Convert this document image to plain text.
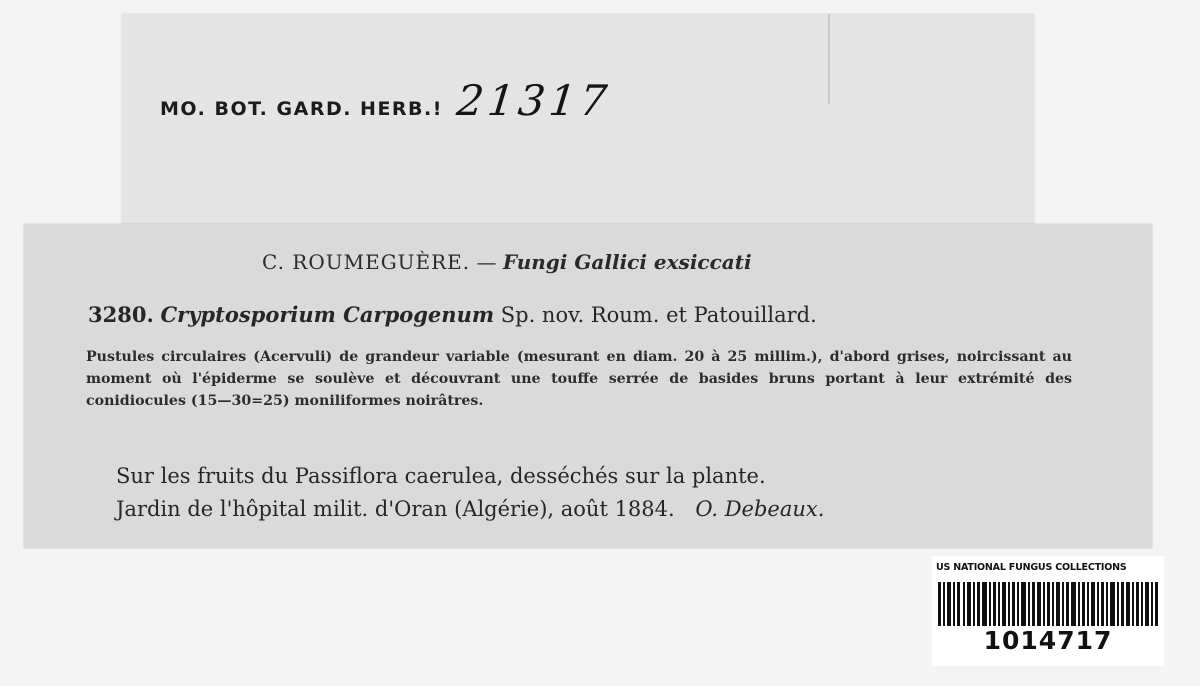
MO. BOT. GARD. HERB.! 21317
C. ROUMEGUÈRE. — Fungi Gallici exsiccati
3280. Cryptosporium Carpogenum Sp. nov. Roum. et Patouillard.
Pustules circulaires (Acervuli) de grandeur variable (mesurant en diam. 20 à 25 millim.), d'abord grises, noircissant au moment où l'épiderme se soulève et découvrant une touffe serrée de basides bruns portant à leur extrémité des conidiocules (15—30=25) moniliformes noirâtres.
Sur les fruits du Passiflora caerulea, desséchés sur la plante.
Jardin de l'hôpital milit. d'Oran (Algérie), août 1884. O. Debeaux.
US NATIONAL FUNGUS COLLECTIONS
1014717
